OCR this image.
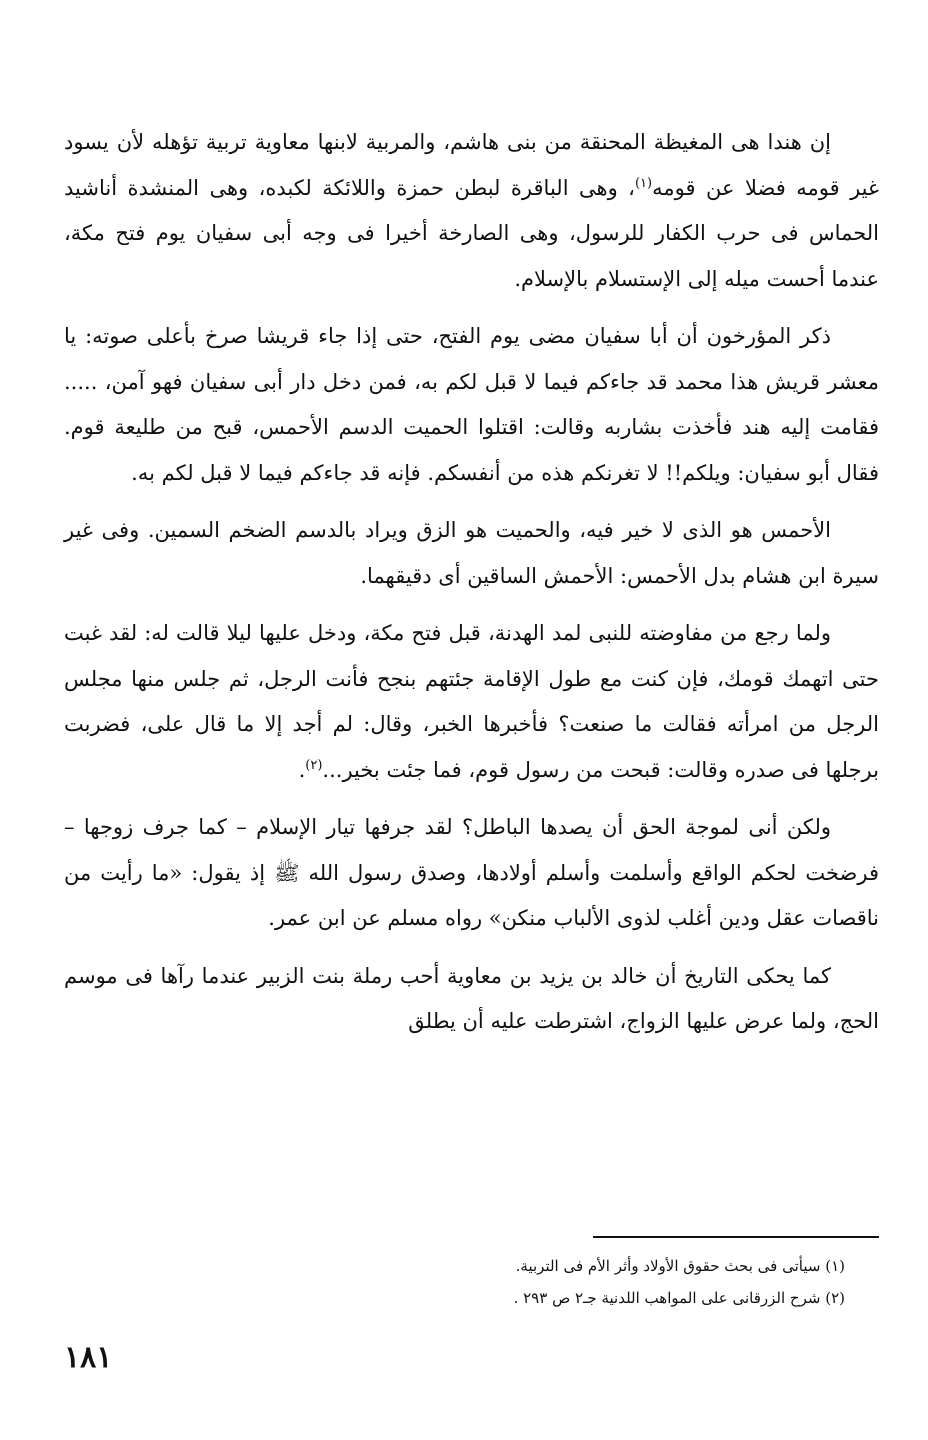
إن هندا هى المغيظة المحنقة من بنى هاشم، والمربية لابنها معاوية تربية تؤهله لأن يسود غير قومه فضلا عن قومه$^{(١)}$، وهى الباقرة لبطن حمزة واللائكة لكبده، وهى المنشدة أناشيد الحماس فى حرب الكفار للرسول، وهى الصارخة أخيرا فى وجه أبى سفيان يوم فتح مكة، عندما أحست ميله إلى الإستسلام بالإسلام.

ذكر المؤرخون أن أبا سفيان مضى يوم الفتح، حتى إذا جاء قريشا صرخ بأعلى صوته: يا معشر قريش هذا محمد قد جاءكم فيما لا قبل لكم به، فمن دخل دار أبى سفيان فهو آمن، ..... فقامت إليه هند فأخذت بشاربه وقالت: اقتلوا الحميت الدسم الأحمس، قبح من طليعة قوم. فقال أبو سفيان: ويلكم!! لا تغرنكم هذه من أنفسكم. فإنه قد جاءكم فيما لا قبل لكم به.

الأحمس هو الذى لا خير فيه، والحميت هو الزق ويراد بالدسم الضخم السمين. وفى غير سيرة ابن هشام بدل الأحمس: الأحمش الساقين أى دقيقهما.

ولما رجع من مفاوضته للنبى لمد الهدنة، قبل فتح مكة، ودخل عليها ليلا قالت له: لقد غبت حتى اتهمك قومك، فإن كنت مع طول الإقامة جئتهم بنجح فأنت الرجل، ثم جلس منها مجلس الرجل من امرأته فقالت ما صنعت؟ فأخبرها الخبر، وقال: لم أجد إلا ما قال على، فضربت برجلها فى صدره وقالت: قبحت من رسول قوم، فما جئت بخير...$^{(٢)}$.

ولكن أنى لموجة الحق أن يصدها الباطل؟ لقد جرفها تيار الإسلام – كما جرف زوجها – فرضخت لحكم الواقع وأسلمت وأسلم أولادها، وصدق رسول الله ﷺ إذ يقول: «ما رأيت من ناقصات عقل ودين أغلب لذوى الألباب منكن» رواه مسلم عن ابن عمر.

كما يحكى التاريخ أن خالد بن يزيد بن معاوية أحب رملة بنت الزبير عندما رآها فى موسم الحج، ولما عرض عليها الزواج، اشترطت عليه أن يطلق

(١) سيأتى فى بحث حقوق الأولاد وأثر الأم فى التربية.

(٢) شرح الزرقانى على المواهب اللدنية جـ٢ ص ٢٩٣ .

١٨١
